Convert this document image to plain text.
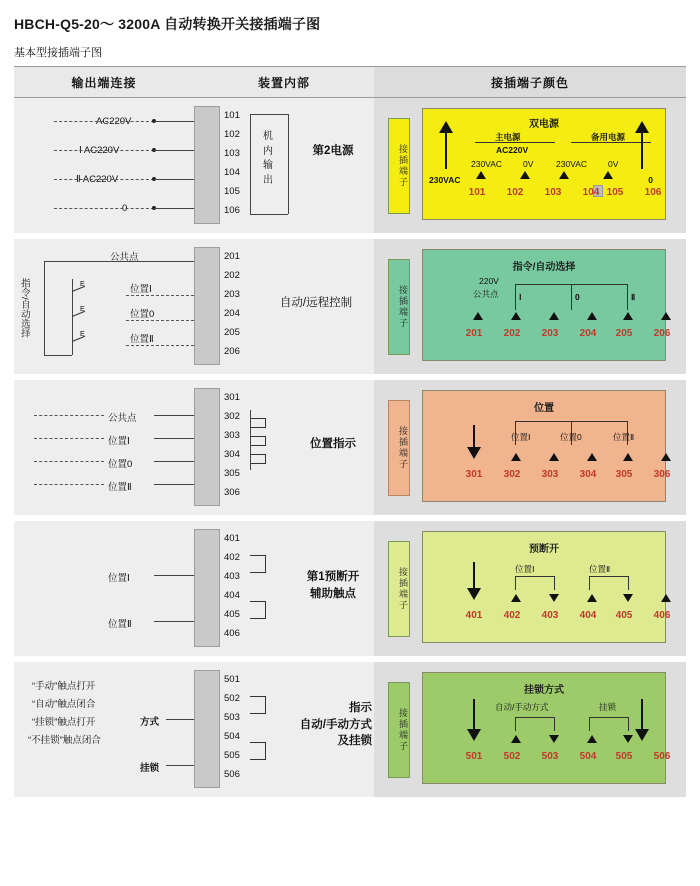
HBCH-Q5-20～ 3200A 自动转换开关接插端子图
基本型接插端子图
输出端连接	装置内部	接插端子颜色
AC220V
Ⅰ AC220V
Ⅱ AC220V
0
101
102
103
104
105
106
机
内
输
出
第2电源	接插端子
双电源
主电源	备用电源
AC220V
230VAC 0V	230VAC 0V
230VAC	0
101	102	103	104 105	106
指令/自动选择
公共点
位置Ⅰ
位置0
位置Ⅱ
E
E
E
201
202
203
204
205
206
自动/远程控制	接插端子
指令/自动选择
220V
公共点 Ⅰ	0	Ⅱ
201	202	203	204	205	206
公共点
位置Ⅰ
位置0
位置Ⅱ
301
302
303
304
305
306
位置指示	接插端子
位置
位置Ⅰ	位置0	位置Ⅱ
301	302	303	304	305	306
位置Ⅰ
位置Ⅱ
401
402
403
404
405
406
第1预断开
辅助触点	接插端子
预断开
位置Ⅰ	位置Ⅱ
401	402	403	404	405	406
“手动”触点打开
“自动”触点闭合
“挂锁”触点打开
“不挂锁”触点闭合
方式
挂锁
501
502
503
504
505
506
指示
自动/手动方式
及挂锁	接插端子
挂锁方式
自动/手动方式	挂锁
501	502	503	504	505	506
